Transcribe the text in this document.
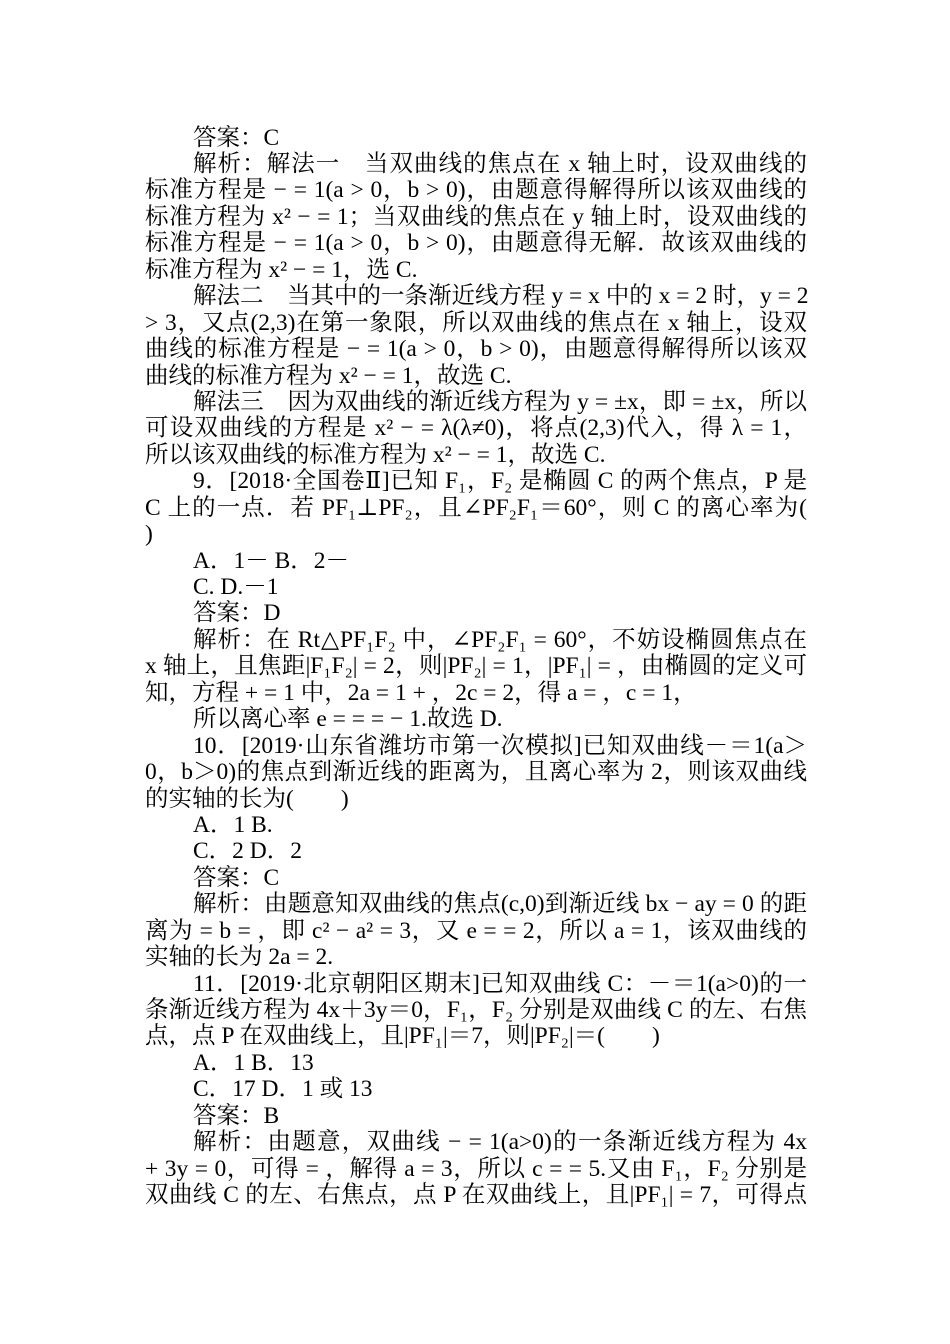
答案：C
解析：解法一　当双曲线的焦点在 x 轴上时，设双曲线的
标准方程是 − = 1(a > 0，b > 0)，由题意得解得所以该双曲线的
标准方程为 x² − = 1；当双曲线的焦点在 y 轴上时，设双曲线的
标准方程是 − = 1(a > 0，b > 0)，由题意得无解．故该双曲线的
标准方程为 x² − = 1，选 C.
解法二　当其中的一条渐近线方程 y = x 中的 x = 2 时，y = 2
> 3，又点(2,3)在第一象限，所以双曲线的焦点在 x 轴上，设双
曲线的标准方程是 − = 1(a > 0，b > 0)，由题意得解得所以该双
曲线的标准方程为 x² − = 1，故选 C.
解法三　因为双曲线的渐近线方程为 y = ±x，即 = ±x，所以
可设双曲线的方程是 x² − = λ(λ≠0)，将点(2,3)代入，得 λ = 1，
所以该双曲线的标准方程为 x² − = 1，故选 C.
9．[2018·全国卷Ⅱ]已知 F₁，F₂ 是椭圆 C 的两个焦点，P 是
C 上的一点．若 PF₁⊥PF₂，且∠PF₂F₁＝60°，则 C 的离心率为(
)
A．1－ B．2－
C. D.－1
答案：D
解析：在 Rt△PF₁F₂ 中，∠PF₂F₁ = 60°，不妨设椭圆焦点在
x 轴上，且焦距|F₁F₂| = 2，则|PF₂| = 1，|PF₁| = ，由椭圆的定义可
知，方程 + = 1 中，2a = 1 + ，2c = 2，得 a = ，c = 1，
所以离心率 e = = = − 1.故选 D.
10．[2019·山东省潍坊市第一次模拟]已知双曲线－＝1(a＞
0，b＞0)的焦点到渐近线的距离为，且离心率为 2，则该双曲线
的实轴的长为(　　)
A．1 B.
C．2 D．2
答案：C
解析：由题意知双曲线的焦点(c,0)到渐近线 bx − ay = 0 的距
离为 = b = ，即 c² − a² = 3，又 e = = 2，所以 a = 1，该双曲线的
实轴的长为 2a = 2.
11．[2019·北京朝阳区期末]已知双曲线 C：－＝1(a>0)的一
条渐近线方程为 4x＋3y＝0，F₁，F₂ 分别是双曲线 C 的左、右焦
点，点 P 在双曲线上，且|PF₁|＝7，则|PF₂|＝(　　)
A．1 B．13
C．17 D．1 或 13
答案：B
解析：由题意，双曲线 − = 1(a>0)的一条渐近线方程为 4x
+ 3y = 0，可得 = ，解得 a = 3，所以 c = = 5.又由 F₁，F₂ 分别是
双曲线 C 的左、右焦点，点 P 在双曲线上，且|PF₁| = 7，可得点
